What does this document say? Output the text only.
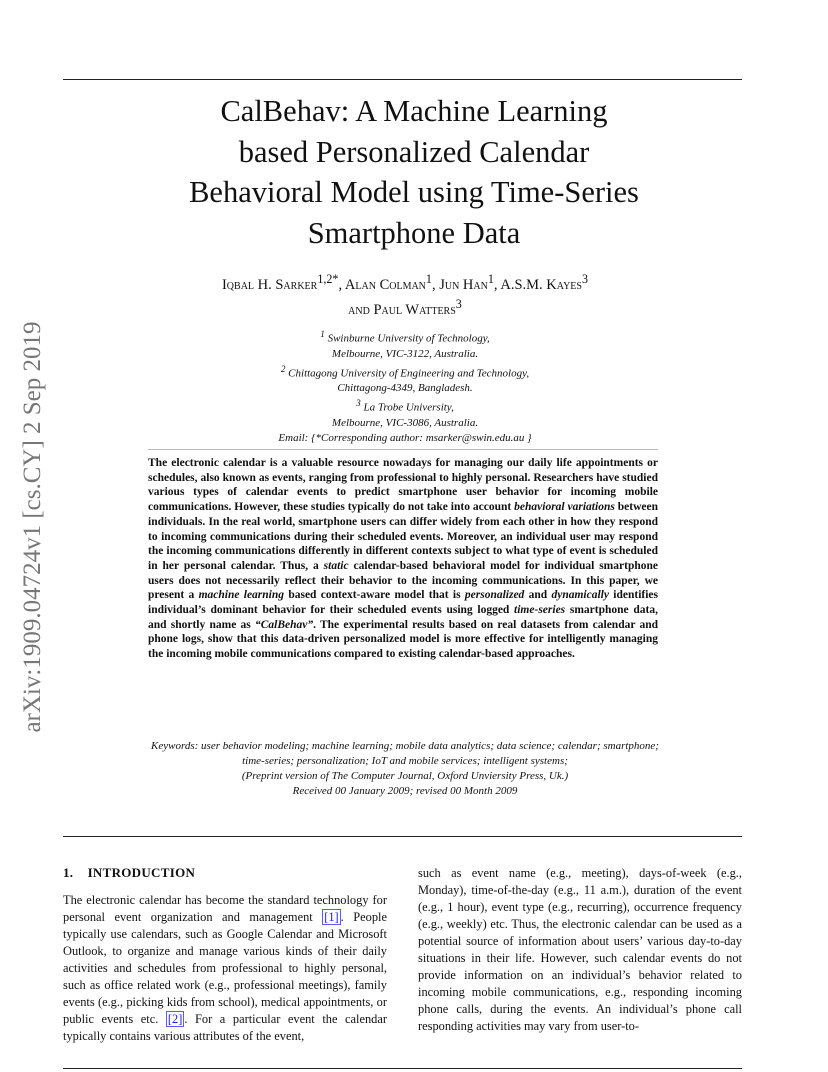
arXiv:1909.04724v1 [cs.CY] 2 Sep 2019
CalBehav: A Machine Learning
based Personalized Calendar
Behavioral Model using Time-Series
Smartphone Data
Iqbal H. Sarker$^{1,2*}$, Alan Colman$^1$, Jun Han$^1$, A.S.M. Kayes$^3$
and Paul Watters$^3$
$^1$ Swinburne University of Technology,
Melbourne, VIC-3122, Australia.
$^2$ Chittagong University of Engineering and Technology,
Chittagong-4349, Bangladesh.
$^3$ La Trobe University,
Melbourne, VIC-3086, Australia.
Email: {*Corresponding author: msarker@swin.edu.au }

The electronic calendar is a valuable resource nowadays for managing our daily life appointments or schedules, also known as events, ranging from professional to highly personal. Researchers have studied various types of calendar events to predict smartphone user behavior for incoming mobile communications. However, these studies typically do not take into account behavioral variations between individuals. In the real world, smartphone users can differ widely from each other in how they respond to incoming communications during their scheduled events. Moreover, an individual user may respond the incoming communications differently in different contexts subject to what type of event is scheduled in her personal calendar. Thus, a static calendar-based behavioral model for individual smartphone users does not necessarily reflect their behavior to the incoming communications. In this paper, we present a machine learning based context-aware model that is personalized and dynamically identifies individual’s dominant behavior for their scheduled events using logged time-series smartphone data, and shortly name as “CalBehav”. The experimental results based on real datasets from calendar and phone logs, show that this data-driven personalized model is more effective for intelligently managing the incoming mobile communications compared to existing calendar-based approaches.

Keywords: user behavior modeling; machine learning; mobile data analytics; data science; calendar; smartphone; time-series; personalization; IoT and mobile services; intelligent systems;
(Preprint version of The Computer Journal, Oxford Unviersity Press, Uk.)
Received 00 January 2009; revised 00 Month 2009
1. INTRODUCTION

The electronic calendar has become the standard technology for personal event organization and management [1] . People typically use calendars, such as Google Calendar and Microsoft Outlook, to organize and manage various kinds of their daily activities and schedules from professional to highly personal, such as office related work (e.g., professional meetings), family events (e.g., picking kids from school), medical appointments, or public events etc. [2] . For a particular event the calendar typically contains various attributes of the event,

such as event name (e.g., meeting), days-of-week (e.g., Monday), time-of-the-day (e.g., 11 a.m.), duration of the event (e.g., 1 hour), event type (e.g., recurring), occurrence frequency (e.g., weekly) etc. Thus, the electronic calendar can be used as a potential source of information about users’ various day-to-day situations in their life. However, such calendar events do not provide information on an individual’s behavior related to incoming mobile communications, e.g., responding incoming phone calls, during the events. An individual’s phone call responding activities may vary from user-to-
